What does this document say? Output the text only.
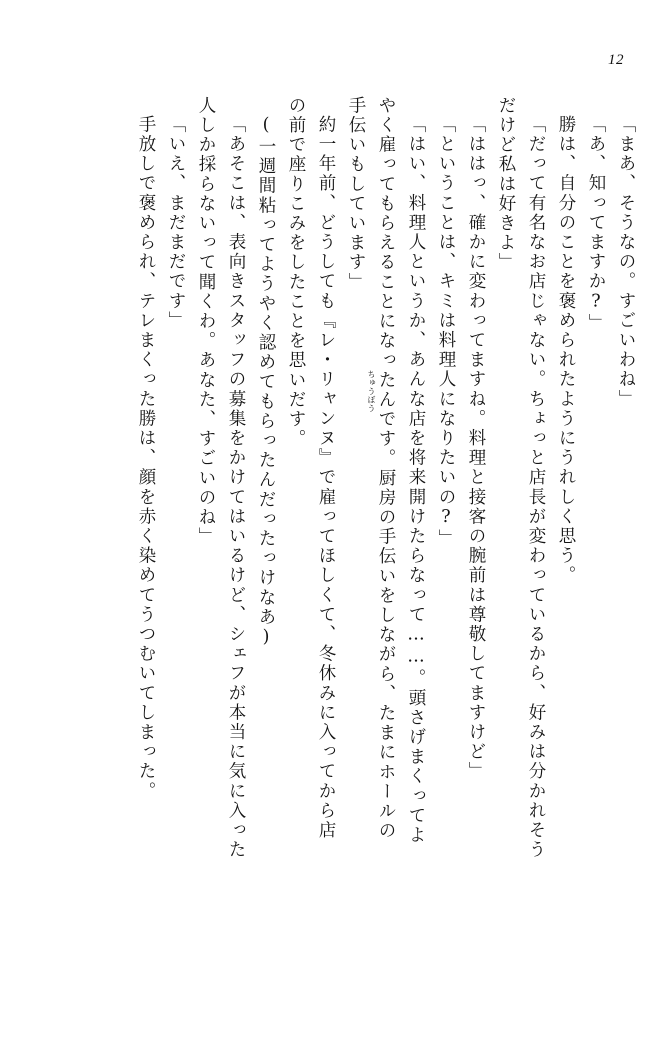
12
「まあ、そうなの。すごいわね」
「あ、知ってますか?」
勝は、自分のことを褒められたようにうれしく思う。
「だって有名なお店じゃない。ちょっと店長が変わっているから、好みは分かれそう
だけど私は好きよ」
「ははっ、確かに変わってますね。料理と接客の腕前は尊敬してますけど」
「ということは、キミは料理人になりたいの?」
「はい、料理人というか、あんな店を将来開けたらなって……。頭さげまくってよ
やく雇ってもらえることになっ
ちゅうぼう たんです。厨房の手伝いをしながら、たまにホールの
手伝いもしています」
約一年前、どうしても『レ・リャンヌ』で雇ってほしくて、冬休みに入ってから店
の前で座りこみをしたことを思いだす。
(一週間粘ってようやく認めてもらったんだったっけなあ)
「あそこは、表向きスタッフの募集をかけてはいるけど、シェフが本当に気に入った
人しか採らないって聞くわ。あなた、すごいのね」
「いえ、まだまだです」
手放しで褒められ、テレまくった勝は、顔を赤く染めてうつむいてしまった。
